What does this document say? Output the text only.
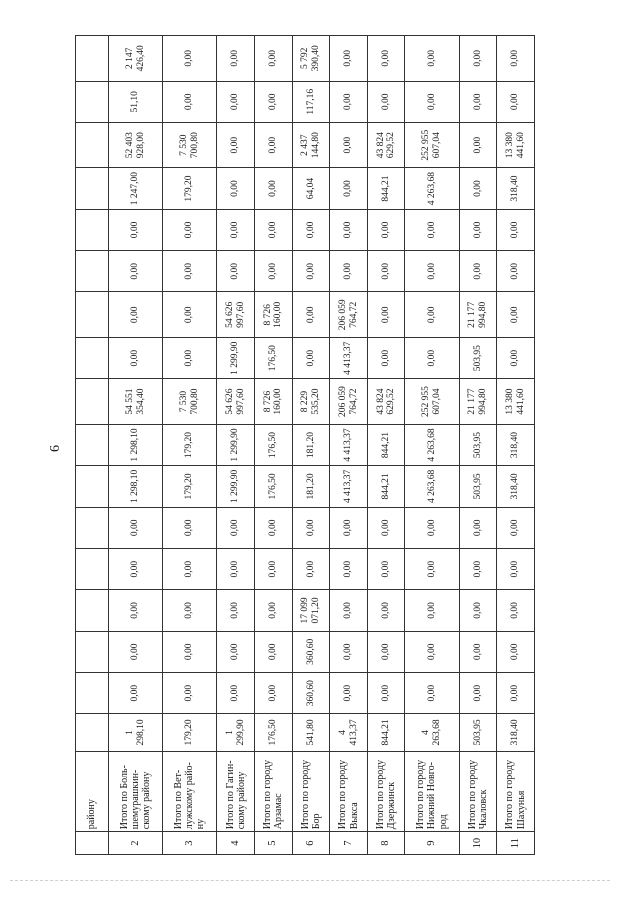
6
	району																	
2	Итого по Боль-шемурашкин-скому району	1 298,10	0,00	0,00	0,00	0,00	0,00	1 298,10	1 298,10	54 551 354,40	0,00	0,00	0,00	0,00	1 247,00	52 403 928,00	51,10	2 147 426,40
3	Итого по Вет-лужскому райо-ну	179,20	0,00	0,00	0,00	0,00	0,00	179,20	179,20	7 530 700,80	0,00	0,00	0,00	0,00	179,20	7 530 700,80	0,00	0,00
4	Итого по Гагин-скому району	1 299,90	0,00	0,00	0,00	0,00	0,00	1 299,90	1 299,90	54 626 997,60	1 299,90	54 626 997,60	0,00	0,00	0,00	0,00	0,00	0,00
5	Итого по городу Арзамас	176,50	0,00	0,00	0,00	0,00	0,00	176,50	176,50	8 726 160,00	176,50	8 726 160,00	0,00	0,00	0,00	0,00	0,00	0,00
6	Итого по городу Бор	541,80	360,60	360,60	17 099 071,20	0,00	0,00	181,20	181,20	8 229 535,20	0,00	0,00	0,00	0,00	64,04	2 437 144,80	117,16	5 792 390,40
7	Итого по городу Выкса	4 413,37	0,00	0,00	0,00	0,00	0,00	4 413,37	4 413,37	206 059 764,72	4 413,37	206 059 764,72	0,00	0,00	0,00	0,00	0,00	0,00
8	Итого по городу Дзержинск	844,21	0,00	0,00	0,00	0,00	0,00	844,21	844,21	43 824 629,52	0,00	0,00	0,00	0,00	844,21	43 824 629,52	0,00	0,00
9	Итого по городу Нижний Новго-род	4 263,68	0,00	0,00	0,00	0,00	0,00	4 263,68	4 263,68	252 955 607,04	0,00	0,00	0,00	0,00	4 263,68	252 955 607,04	0,00	0,00
10	Итого по городу Чкаловск	503,95	0,00	0,00	0,00	0,00	0,00	503,95	503,95	21 177 994,80	503,95	21 177 994,80	0,00	0,00	0,00	0,00	0,00	0,00
11	Итого по городу Шахунья	318,40	0,00	0,00	0,00	0,00	0,00	318,40	318,40	13 380 441,60	0,00	0,00	0,00	0,00	318,40	13 380 441,60	0,00	0,00
